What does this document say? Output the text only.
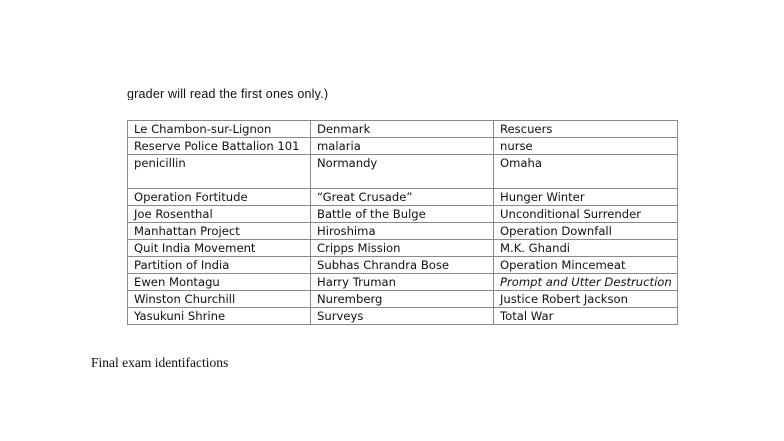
grader will read the first ones only.)
Le Chambon-sur-Lignon	Denmark	Rescuers
Reserve Police Battalion 101	malaria	nurse
penicillin	Normandy	Omaha
Operation Fortitude	“Great Crusade”	Hunger Winter
Joe Rosenthal	Battle of the Bulge	Unconditional Surrender
Manhattan Project	Hiroshima	Operation Downfall
Quit India Movement	Cripps Mission	M.K. Ghandi
Partition of India	Subhas Chrandra Bose	Operation Mincemeat
Ewen Montagu	Harry Truman	Prompt and Utter Destruction
Winston Churchill	Nuremberg	Justice Robert Jackson
Yasukuni Shrine	Surveys	Total War
Final exam identifactions
